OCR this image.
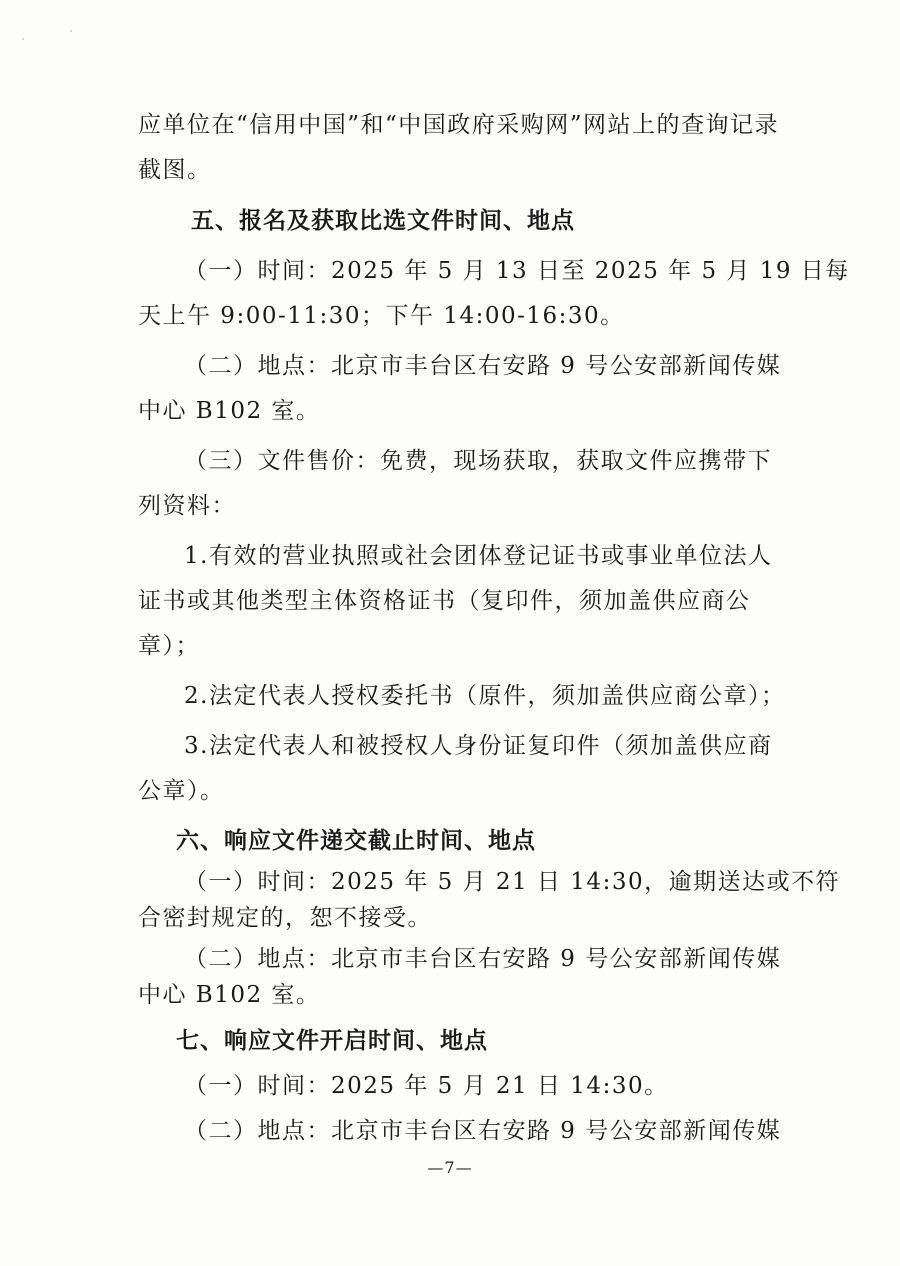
应单位在“信用中国”和“中国政府采购网”网站上的查询记录

截图。

五、报名及获取比选文件时间、地点

（一）时间：2025 年 5 月 13 日至 2025 年 5 月 19 日每

天上午 9:00-11:30；下午 14:00-16:30。

（二）地点：北京市丰台区右安路 9 号公安部新闻传媒

中心 B102 室。

（三）文件售价：免费，现场获取，获取文件应携带下

列资料：

1.有效的营业执照或社会团体登记证书或事业单位法人

证书或其他类型主体资格证书（复印件，须加盖供应商公

章）；

2.法定代表人授权委托书（原件，须加盖供应商公章）；

3.法定代表人和被授权人身份证复印件（须加盖供应商

公章）。

六、响应文件递交截止时间、地点

（一）时间：2025 年 5 月 21 日 14:30，逾期送达或不符

合密封规定的，恕不接受。

（二）地点：北京市丰台区右安路 9 号公安部新闻传媒

中心 B102 室。

七、响应文件开启时间、地点

（一）时间：2025 年 5 月 21 日 14:30。

（二）地点：北京市丰台区右安路 9 号公安部新闻传媒

—7—
